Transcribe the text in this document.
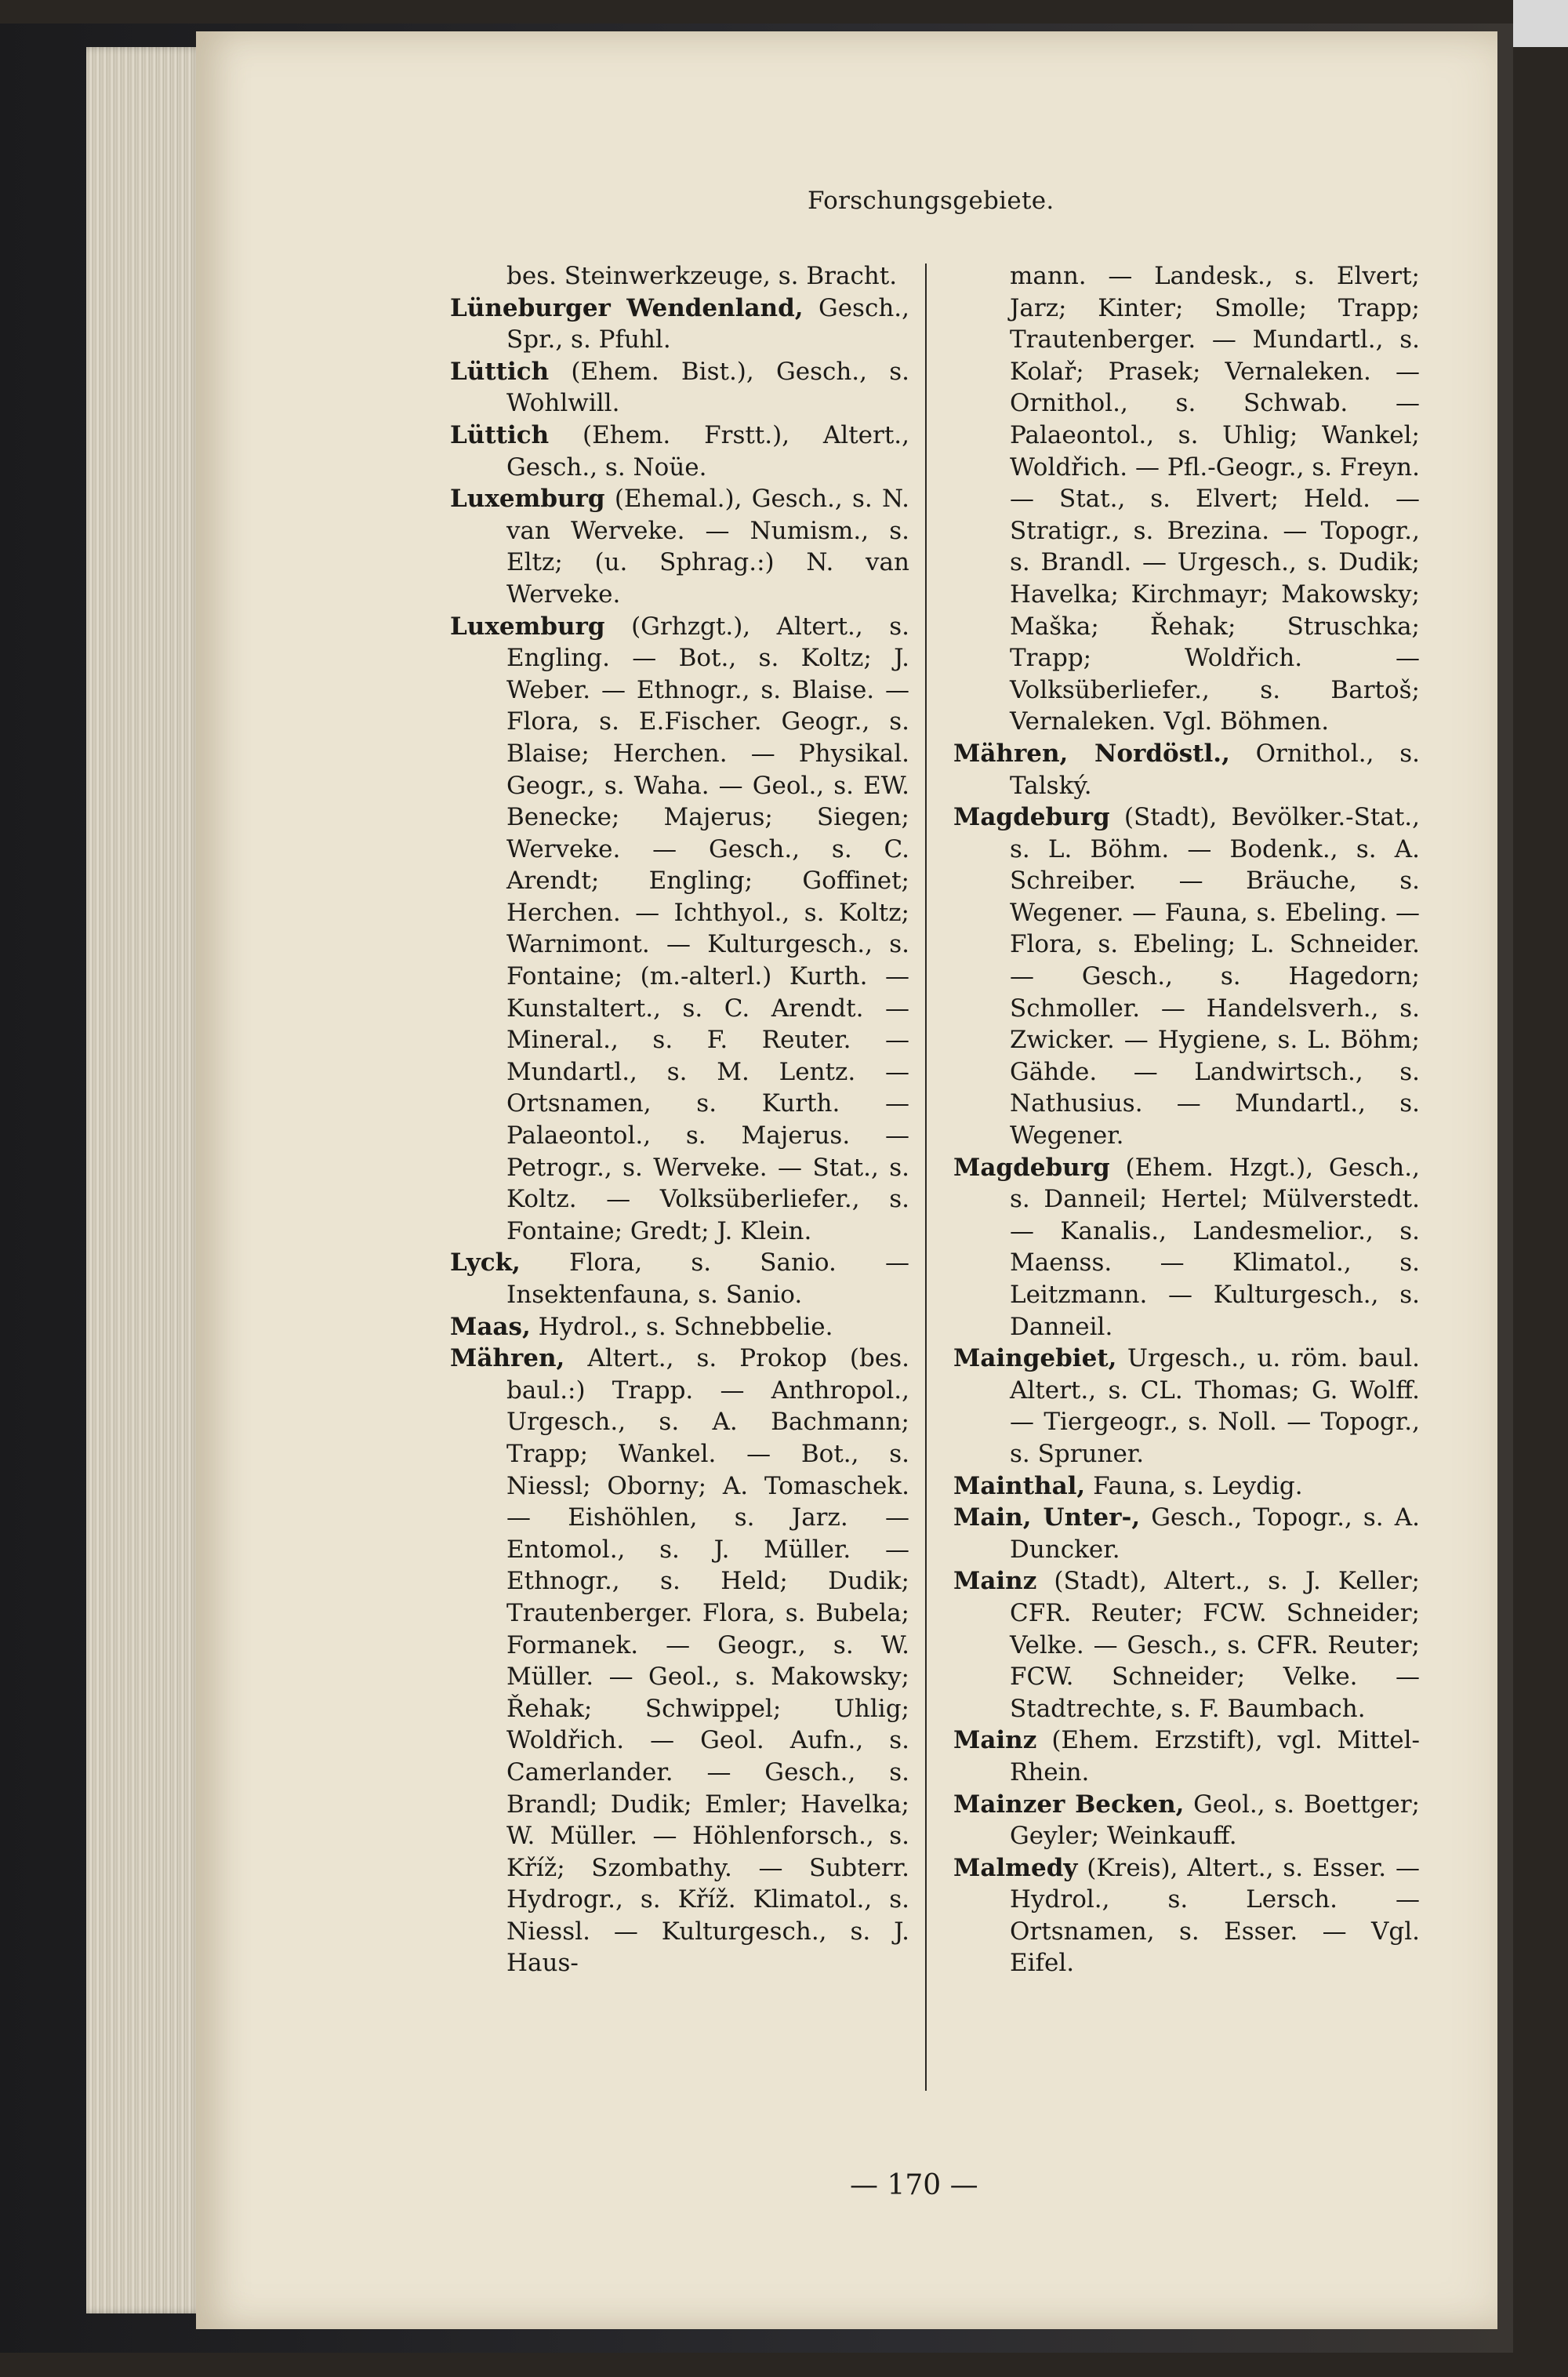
Forschungsgebiete.

bes. Steinwerkzeuge, s. Bracht.

Lüneburger Wendenland, Gesch., Spr., s. Pfuhl.

Lüttich (Ehem. Bist.), Gesch., s. Wohlwill.

Lüttich (Ehem. Frstt.), Altert., Gesch., s. Noüe.

Luxemburg (Ehemal.), Gesch., s. N. van Werveke. — Numism., s. Eltz; (u. Sphrag.:) N. van Werveke.

Luxemburg (Grhzgt.), Altert., s. Engling. — Bot., s. Koltz; J. Weber. — Ethnogr., s. Blaise. — Flora, s. E.Fischer. Geogr., s. Blaise; Herchen. — Physikal. Geogr., s. Waha. — Geol., s. EW. Benecke; Majerus; Siegen; Werveke. — Gesch., s. C. Arendt; Engling; Goffinet; Herchen. — Ichthyol., s. Koltz; Warnimont. — Kulturgesch., s. Fontaine; (m.-alterl.) Kurth. — Kunstaltert., s. C. Arendt. — Mineral., s. F. Reuter. — Mundartl., s. M. Lentz. — Ortsnamen, s. Kurth. — Palaeontol., s. Majerus. — Petrogr., s. Werveke. — Stat., s. Koltz. — Volksüberliefer., s. Fontaine; Gredt; J. Klein.

Lyck, Flora, s. Sanio. — Insektenfauna, s. Sanio.

Maas, Hydrol., s. Schnebbelie.

Mähren, Altert., s. Prokop (bes. baul.:) Trapp. — Anthropol., Urgesch., s. A. Bachmann; Trapp; Wankel. — Bot., s. Niessl; Oborny; A. Tomaschek. — Eishöhlen, s. Jarz. — Entomol., s. J. Müller. — Ethnogr., s. Held; Dudik; Trautenberger. Flora, s. Bubela; Formanek. — Geogr., s. W. Müller. — Geol., s. Makowsky; Řehak; Schwippel; Uhlig; Woldřich. — Geol. Aufn., s. Camerlander. — Gesch., s. Brandl; Dudik; Emler; Havelka; W. Müller. — Höhlenforsch., s. Kříž; Szombathy. — Subterr. Hydrogr., s. Kříž. Klimatol., s. Niessl. — Kulturgesch., s. J. Haus-

mann. — Landesk., s. Elvert; Jarz; Kinter; Smolle; Trapp; Trautenberger. — Mundartl., s. Kolař; Prasek; Vernaleken. — Ornithol., s. Schwab. — Palaeontol., s. Uhlig; Wankel; Woldřich. — Pfl.-Geogr., s. Freyn. — Stat., s. Elvert; Held. — Stratigr., s. Brezina. — Topogr., s. Brandl. — Urgesch., s. Dudik; Havelka; Kirchmayr; Makowsky; Maška; Řehak; Struschka; Trapp; Woldřich. — Volksüberliefer., s. Bartoš; Vernaleken. Vgl. Böhmen.

Mähren, Nordöstl., Ornithol., s. Talský.

Magdeburg (Stadt), Bevölker.-Stat., s. L. Böhm. — Bodenk., s. A. Schreiber. — Bräuche, s. Wegener. — Fauna, s. Ebeling. — Flora, s. Ebeling; L. Schneider. — Gesch., s. Hagedorn; Schmoller. — Handelsverh., s. Zwicker. — Hygiene, s. L. Böhm; Gähde. — Landwirtsch., s. Nathusius. — Mundartl., s. Wegener.

Magdeburg (Ehem. Hzgt.), Gesch., s. Danneil; Hertel; Mülverstedt. — Kanalis., Landesmelior., s. Maenss. — Klimatol., s. Leitzmann. — Kulturgesch., s. Danneil.

Maingebiet, Urgesch., u. röm. baul. Altert., s. CL. Thomas; G. Wolff. — Tiergeogr., s. Noll. — Topogr., s. Spruner.

Mainthal, Fauna, s. Leydig.

Main, Unter-, Gesch., Topogr., s. A. Duncker.

Mainz (Stadt), Altert., s. J. Keller; CFR. Reuter; FCW. Schneider; Velke. — Gesch., s. CFR. Reuter; FCW. Schneider; Velke. — Stadtrechte, s. F. Baumbach.

Mainz (Ehem. Erzstift), vgl. Mittel-Rhein.

Mainzer Becken, Geol., s. Boettger; Geyler; Weinkauff.

Malmedy (Kreis), Altert., s. Esser. — Hydrol., s. Lersch. — Ortsnamen, s. Esser. — Vgl. Eifel.

— 170 —
